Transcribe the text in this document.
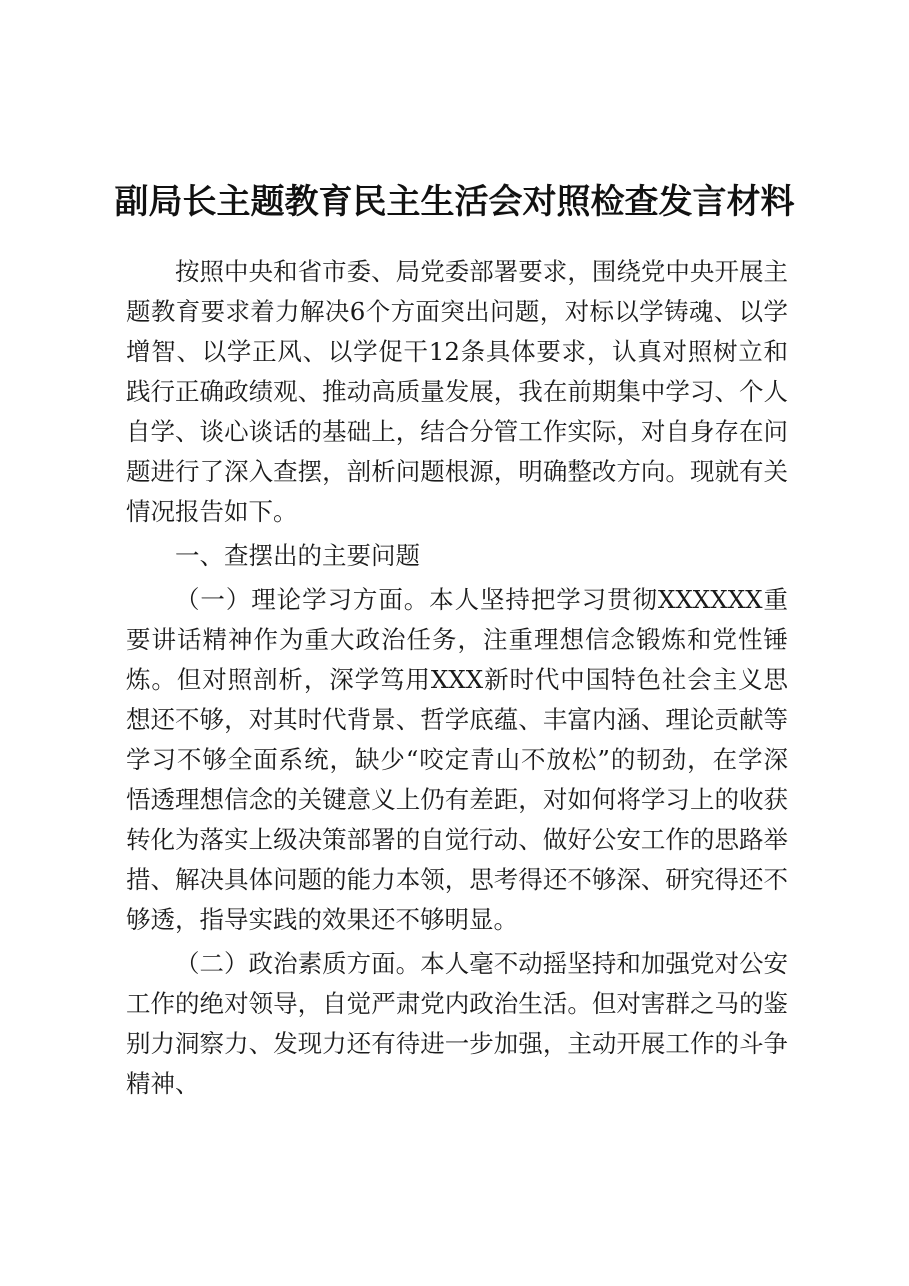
副局长主题教育民主生活会对照检查发言材料

按照中央和省市委、局党委部署要求，围绕党中央开展主题教育要求着力解决6个方面突出问题，对标以学铸魂、以学增智、以学正风、以学促干12条具体要求，认真对照树立和践行正确政绩观、推动高质量发展，我在前期集中学习、个人自学、谈心谈话的基础上，结合分管工作实际，对自身存在问题进行了深入查摆，剖析问题根源，明确整改方向。现就有关情况报告如下。

一、查摆出的主要问题

（一）理论学习方面。本人坚持把学习贯彻XXXXXX重要讲话精神作为重大政治任务，注重理想信念锻炼和党性锤炼。但对照剖析，深学笃用XXX新时代中国特色社会主义思想还不够，对其时代背景、哲学底蕴、丰富内涵、理论贡献等学习不够全面系统，缺少“咬定青山不放松”的韧劲，在学深悟透理想信念的关键意义上仍有差距，对如何将学习上的收获转化为落实上级决策部署的自觉行动、做好公安工作的思路举措、解决具体问题的能力本领，思考得还不够深、研究得还不够透，指导实践的效果还不够明显。

（二）政治素质方面。本人毫不动摇坚持和加强党对公安工作的绝对领导，自觉严肃党内政治生活。但对害群之马的鉴别力洞察力、发现力还有待进一步加强，主动开展工作的斗争精神、
